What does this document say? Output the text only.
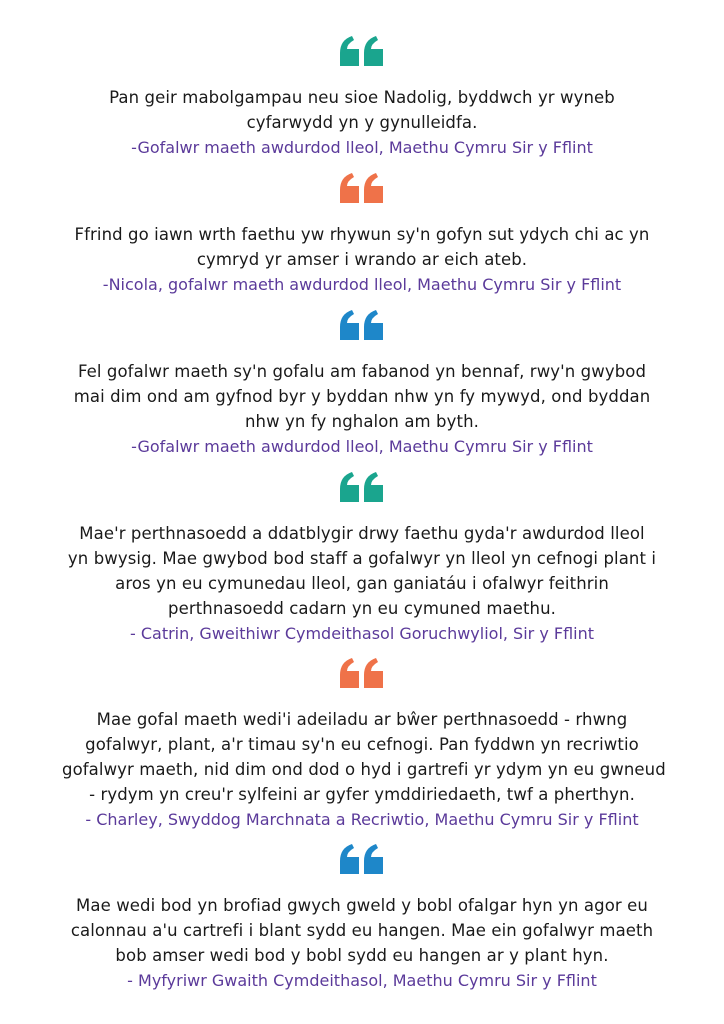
Pan geir mabolgampau neu sioe Nadolig, byddwch yr wyneb
cyfarwydd yn y gynulleidfa.
-Gofalwr maeth awdurdod lleol, Maethu Cymru Sir y Fflint
Ffrind go iawn wrth faethu yw rhywun sy'n gofyn sut ydych chi ac yn
cymryd yr amser i wrando ar eich ateb.
-Nicola, gofalwr maeth awdurdod lleol, Maethu Cymru Sir y Fflint
Fel gofalwr maeth sy'n gofalu am fabanod yn bennaf, rwy'n gwybod
mai dim ond am gyfnod byr y byddan nhw yn fy mywyd, ond byddan
nhw yn fy nghalon am byth.
-Gofalwr maeth awdurdod lleol, Maethu Cymru Sir y Fflint
Mae'r perthnasoedd a ddatblygir drwy faethu gyda'r awdurdod lleol
yn bwysig. Mae gwybod bod staff a gofalwyr yn lleol yn cefnogi plant i
aros yn eu cymunedau lleol, gan ganiatáu i ofalwyr feithrin
perthnasoedd cadarn yn eu cymuned maethu.
- Catrin, Gweithiwr Cymdeithasol Goruchwyliol, Sir y Fflint
Mae gofal maeth wedi'i adeiladu ar bŵer perthnasoedd - rhwng
gofalwyr, plant, a'r timau sy'n eu cefnogi. Pan fyddwn yn recriwtio
gofalwyr maeth, nid dim ond dod o hyd i gartrefi yr ydym yn eu gwneud
- rydym yn creu'r sylfeini ar gyfer ymddiriedaeth, twf a pherthyn.
- Charley, Swyddog Marchnata a Recriwtio, Maethu Cymru Sir y Fflint
Mae wedi bod yn brofiad gwych gweld y bobl ofalgar hyn yn agor eu
calonnau a'u cartrefi i blant sydd eu hangen. Mae ein gofalwyr maeth
bob amser wedi bod y bobl sydd eu hangen ar y plant hyn.
- Myfyriwr Gwaith Cymdeithasol, Maethu Cymru Sir y Fflint
